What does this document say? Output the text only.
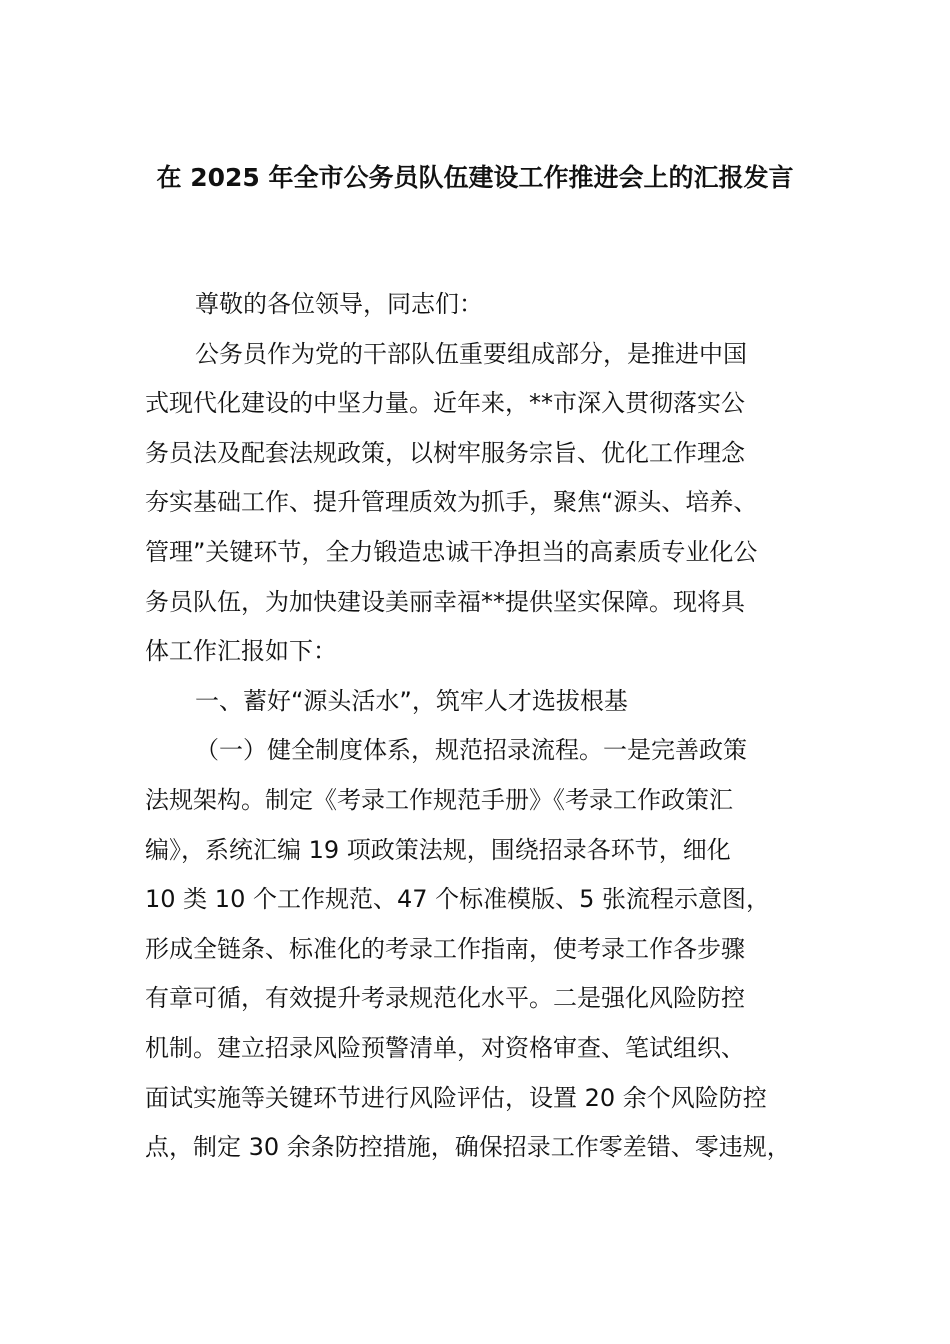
在 2025 年全市公务员队伍建设工作推进会上的汇报发言
尊敬的各位领导，同志们：
公务员作为党的干部队伍重要组成部分，是推进中国
式现代化建设的中坚力量。近年来，**市深入贯彻落实公
务员法及配套法规政策，以树牢服务宗旨、优化工作理念
夯实基础工作、提升管理质效为抓手，聚焦“源头、培养、
管理”关键环节，全力锻造忠诚干净担当的高素质专业化公
务员队伍，为加快建设美丽幸福**提供坚实保障。现将具
体工作汇报如下：
一、蓄好“源头活水”，筑牢人才选拔根基
（一）健全制度体系，规范招录流程。一是完善政策
法规架构。制定《考录工作规范手册》《考录工作政策汇
编》，系统汇编 19 项政策法规，围绕招录各环节，细化
10 类 10 个工作规范、47 个标准模版、5 张流程示意图，
形成全链条、标准化的考录工作指南，使考录工作各步骤
有章可循，有效提升考录规范化水平。二是强化风险防控
机制。建立招录风险预警清单，对资格审查、笔试组织、
面试实施等关键环节进行风险评估，设置 20 余个风险防控
点，制定 30 余条防控措施，确保招录工作零差错、零违规，
